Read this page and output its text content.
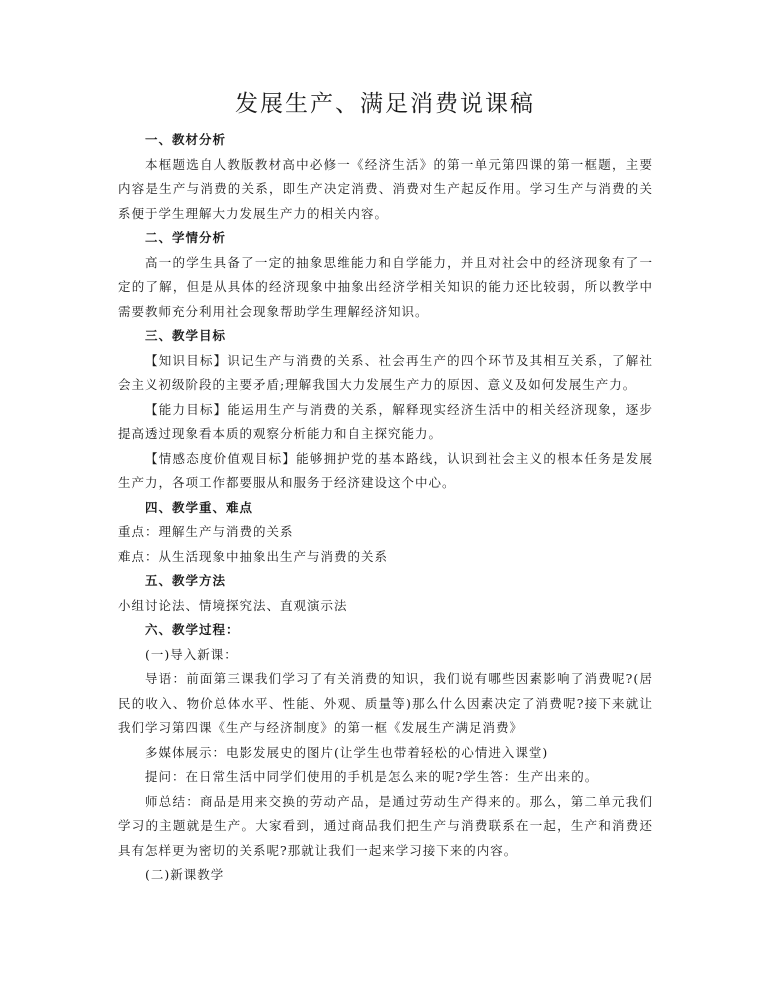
发展生产、满足消费说课稿

一、教材分析

本框题选自人教版教材高中必修一《经济生活》的第一单元第四课的第一框题，主要内容是生产与消费的关系，即生产决定消费、消费对生产起反作用。学习生产与消费的关系便于学生理解大力发展生产力的相关内容。

二、学情分析

高一的学生具备了一定的抽象思维能力和自学能力，并且对社会中的经济现象有了一定的了解，但是从具体的经济现象中抽象出经济学相关知识的能力还比较弱，所以教学中需要教师充分利用社会现象帮助学生理解经济知识。

三、教学目标

【知识目标】识记生产与消费的关系、社会再生产的四个环节及其相互关系，了解社会主义初级阶段的主要矛盾;理解我国大力发展生产力的原因、意义及如何发展生产力。

【能力目标】能运用生产与消费的关系，解释现实经济生活中的相关经济现象，逐步提高透过现象看本质的观察分析能力和自主探究能力。

【情感态度价值观目标】能够拥护党的基本路线，认识到社会主义的根本任务是发展生产力，各项工作都要服从和服务于经济建设这个中心。

四、教学重、难点

重点：理解生产与消费的关系

难点：从生活现象中抽象出生产与消费的关系

五、教学方法

小组讨论法、情境探究法、直观演示法

六、教学过程：

(一)导入新课：

导语：前面第三课我们学习了有关消费的知识，我们说有哪些因素影响了消费呢?(居民的收入、物价总体水平、性能、外观、质量等)那么什么因素决定了消费呢?接下来就让我们学习第四课《生产与经济制度》的第一框《发展生产满足消费》

多媒体展示：电影发展史的图片(让学生也带着轻松的心情进入课堂)

提问：在日常生活中同学们使用的手机是怎么来的呢?学生答：生产出来的。

师总结：商品是用来交换的劳动产品，是通过劳动生产得来的。那么，第二单元我们学习的主题就是生产。大家看到，通过商品我们把生产与消费联系在一起，生产和消费还具有怎样更为密切的关系呢?那就让我们一起来学习接下来的内容。

(二)新课教学
